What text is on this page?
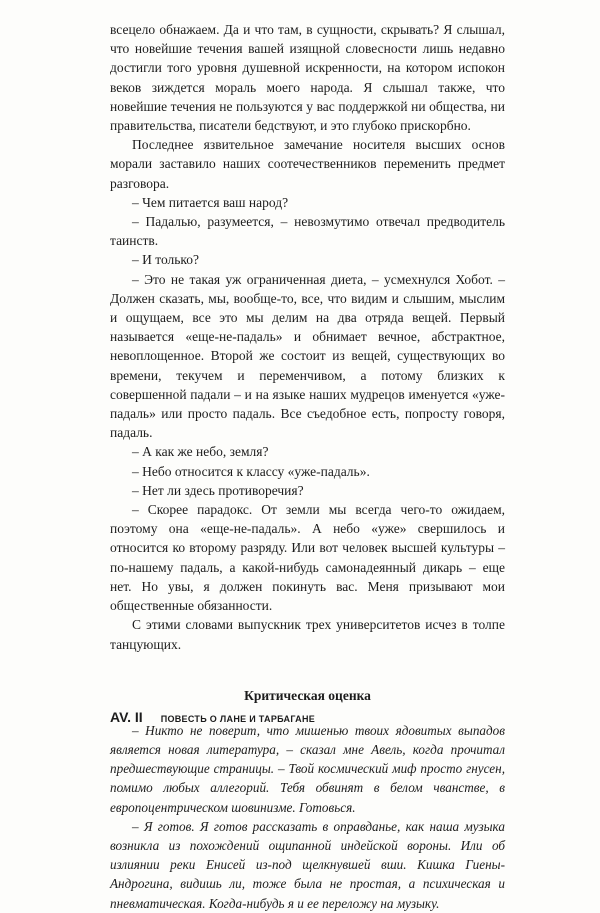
всецело обнажаем. Да и что там, в сущности, скрывать? Я слышал, что новейшие течения вашей изящной словесности лишь недавно достигли того уровня душевной искренности, на котором испокон веков зиждется мораль моего народа. Я слышал также, что новейшие течения не пользуются у вас поддержкой ни общества, ни правительства, писатели бедствуют, и это глубоко прискорбно.

Последнее язвительное замечание носителя высших основ морали заставило наших соотечественников переменить предмет разговора.

– Чем питается ваш народ?

– Падалью, разумеется, – невозмутимо отвечал предводитель таинств.

– И только?

– Это не такая уж ограниченная диета, – усмехнулся Хобот. – Должен сказать, мы, вообще-то, все, что видим и слышим, мыслим и ощущаем, все это мы делим на два отряда вещей. Первый называется «еще-не-падаль» и обнимает вечное, абстрактное, невоплощенное. Второй же состоит из вещей, существующих во времени, текучем и переменчивом, а потому близких к совершенной падали – и на языке наших мудрецов именуется «уже-падаль» или просто падаль. Все съедобное есть, попросту говоря, падаль.

– А как же небо, земля?

– Небо относится к классу «уже-падаль».

– Нет ли здесь противоречия?

– Скорее парадокс. От земли мы всегда чего-то ожидаем, поэтому она «еще-не-падаль». А небо «уже» свершилось и относится ко второму разряду. Или вот человек высшей культуры – по-нашему падаль, а какой-нибудь самонадеянный дикарь – еще нет. Но увы, я должен покинуть вас. Меня призывают мои общественные обязанности.

С этими словами выпускник трех университетов исчез в толпе танцующих.

Критическая оценка

– Никто не поверит, что мишенью твоих ядовитых выпадов является новая литература, – сказал мне Авель, когда прочитал предшествующие страницы. – Твой космический миф просто гнусен, помимо любых аллегорий. Тебя обвинят в белом чванстве, в европоцентрическом шовинизме. Готовься.

– Я готов. Я готов рассказать в оправданье, как наша музыка возникла из похождений ощипанной индейской вороны. Или об излиянии реки Енисей из-под щелкнувшей вши. Кишка Гиены-Андрогина, видишь ли, тоже была не простая, а психическая и пневматическая. Когда-нибудь я и ее переложу на музыку.

AV. II ПОВЕСТЬ О ЛАНЕ И ТАРБАГАНЕ
